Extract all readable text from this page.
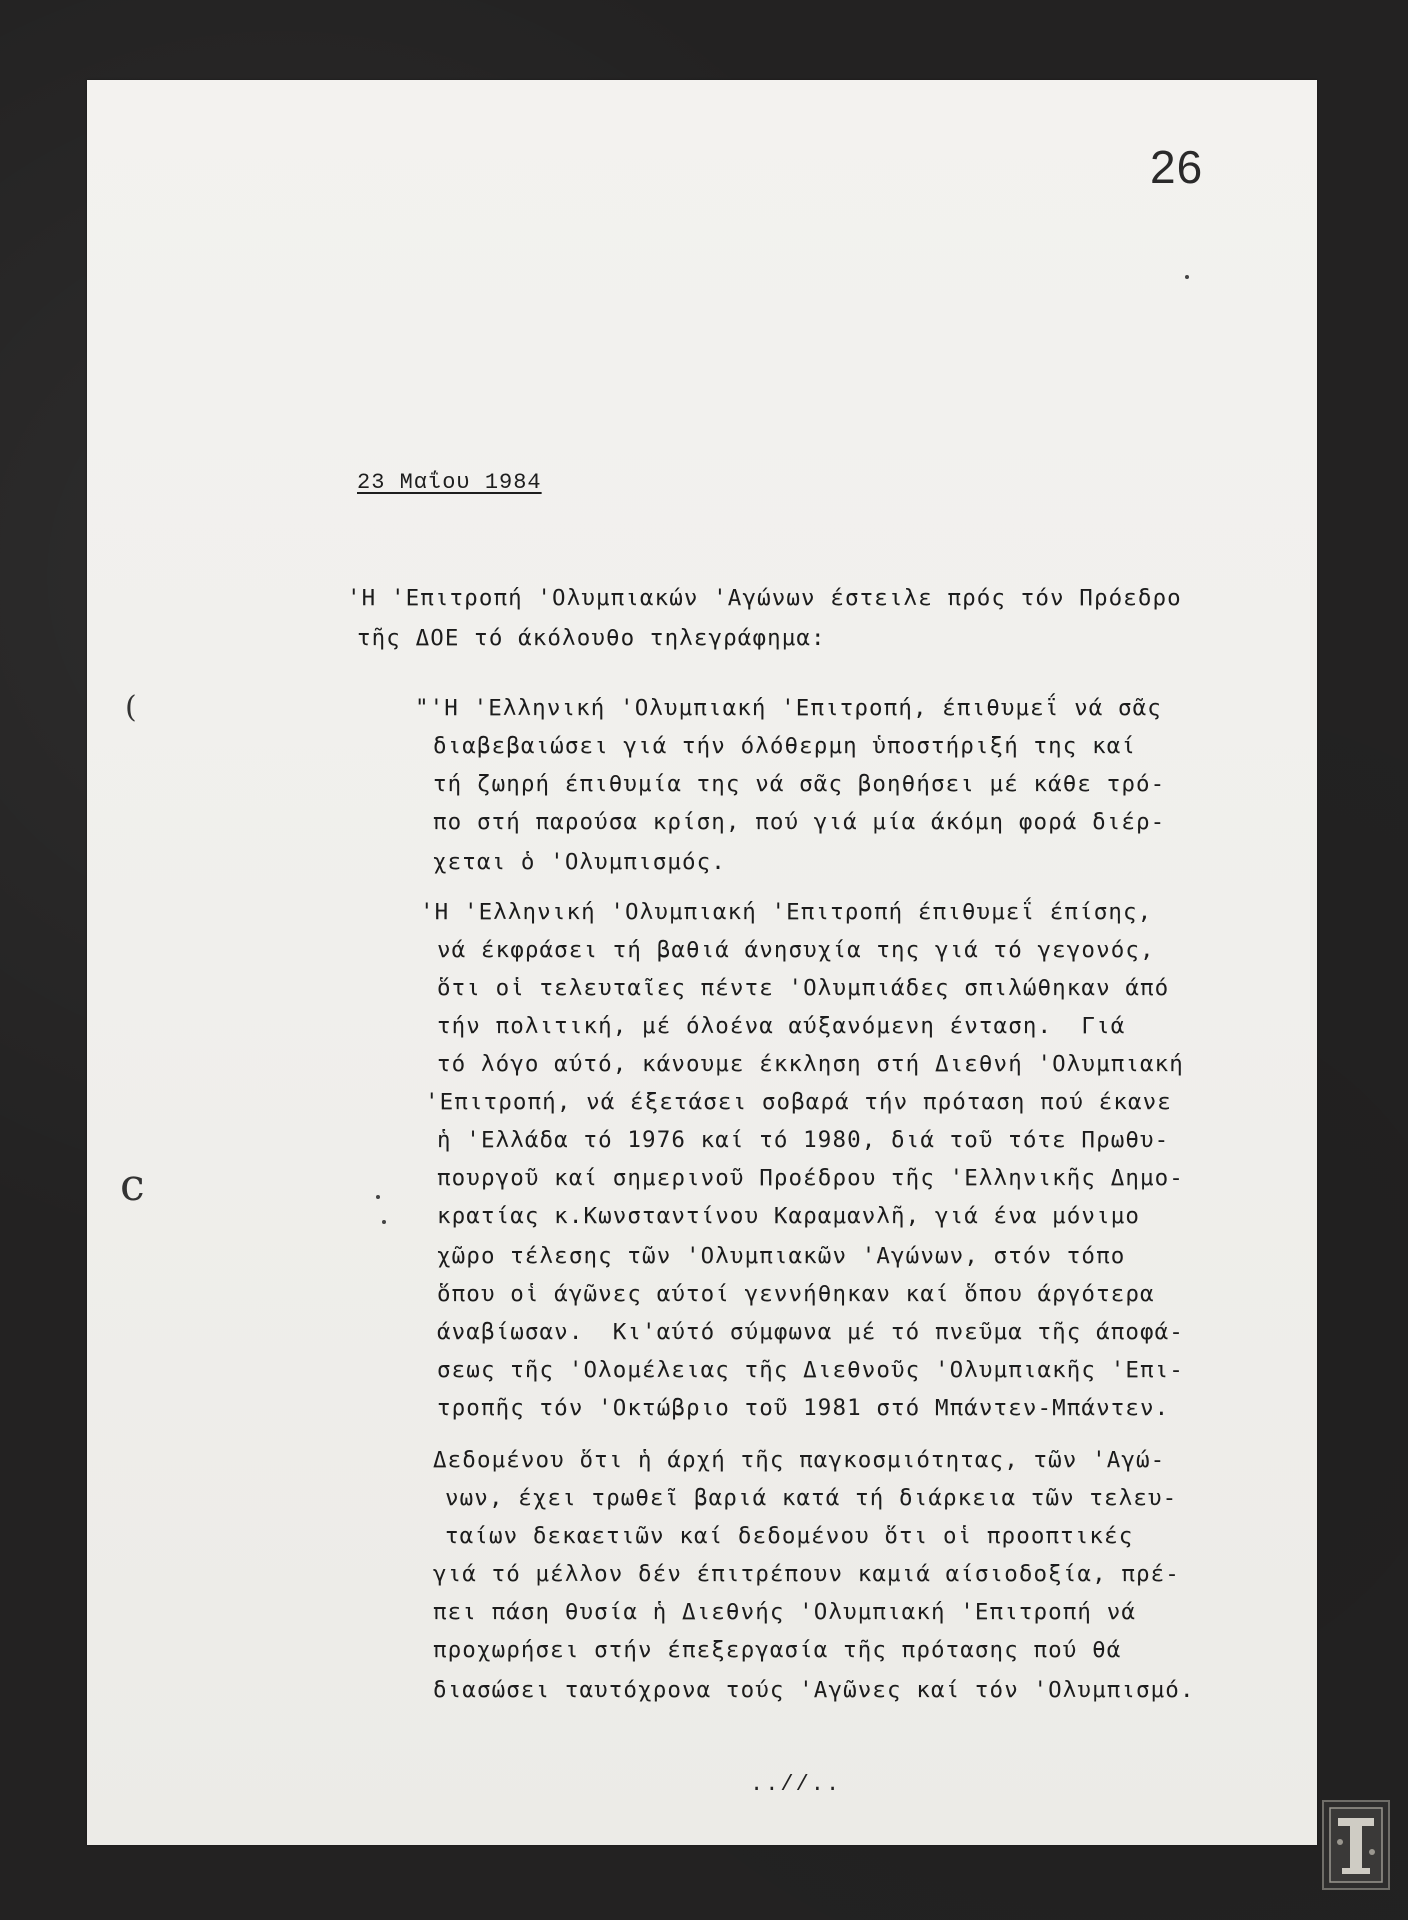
26
23 Μαΐου 1984
'Η 'Επιτροπή 'Ολυμπιακών 'Αγώνων έστειλε πρός τόν Πρόεδρο
τῆς ΔΟΕ τό άκόλουθο τηλεγράφημα:
"'Η 'Ελληνική 'Ολυμπιακή 'Επιτροπή, έπιθυμεΐ νά σᾶς
διαβεβαιώσει γιά τήν όλόθερμη ὑποστήριξή της καί
τή ζωηρή έπιθυμία της νά σᾶς βοηθήσει μέ κάθε τρό-
πο στή παρούσα κρίση, πού γιά μία άκόμη φορά διέρ-
χεται ὁ 'Ολυμπισμός.
'Η 'Ελληνική 'Ολυμπιακή 'Επιτροπή έπιθυμεΐ έπίσης,
νά έκφράσει τή βαθιά άνησυχία της γιά τό γεγονός,
ὅτι οἱ τελευταῖες πέντε 'Ολυμπιάδες σπιλώθηκαν άπό
τήν πολιτική, μέ όλοένα αύξανόμενη ένταση.  Γιά
τό λόγο αύτό, κάνουμε έκκληση στή Διεθνή 'Ολυμπιακή
'Επιτροπή, νά έξετάσει σοβαρά τήν πρόταση πού έκανε
ἡ 'Ελλάδα τό 1976 καί τό 1980, διά τοῦ τότε Πρωθυ-
πουργοῦ καί σημερινοῦ Προέδρου τῆς 'Ελληνικῆς Δημο-
κρατίας κ.Κωνσταντίνου Καραμανλῆ, γιά ένα μόνιμο
χῶρο τέλεσης τῶν 'Ολυμπιακῶν 'Αγώνων, στόν τόπο
ὅπου οἱ άγῶνες αύτοί γεννήθηκαν καί ὅπου άργότερα
άναβίωσαν.  Κι'αύτό σύμφωνα μέ τό πνεῦμα τῆς άποφά-
σεως τῆς 'Ολομέλειας τῆς Διεθνοῦς 'Ολυμπιακῆς 'Επι-
τροπῆς τόν 'Οκτώβριο τοῦ 1981 στό Μπάντεν-Μπάντεν.
Δεδομένου ὅτι ἡ άρχή τῆς παγκοσμιότητας, τῶν 'Αγώ-
νων, έχει τρωθεῖ βαριά κατά τή διάρκεια τῶν τελευ-
ταίων δεκαετιῶν καί δεδομένου ὅτι οἱ προοπτικές
γιά τό μέλλον δέν έπιτρέπουν καμιά αίσιοδοξία, πρέ-
πει πάση θυσία ἡ Διεθνής 'Ολυμπιακή 'Επιτροπή νά
προχωρήσει στήν έπεξεργασία τῆς πρότασης πού θά
διασώσει ταυτόχρονα τούς 'Αγῶνες καί τόν 'Ολυμπισμό.
..//..
(
c
